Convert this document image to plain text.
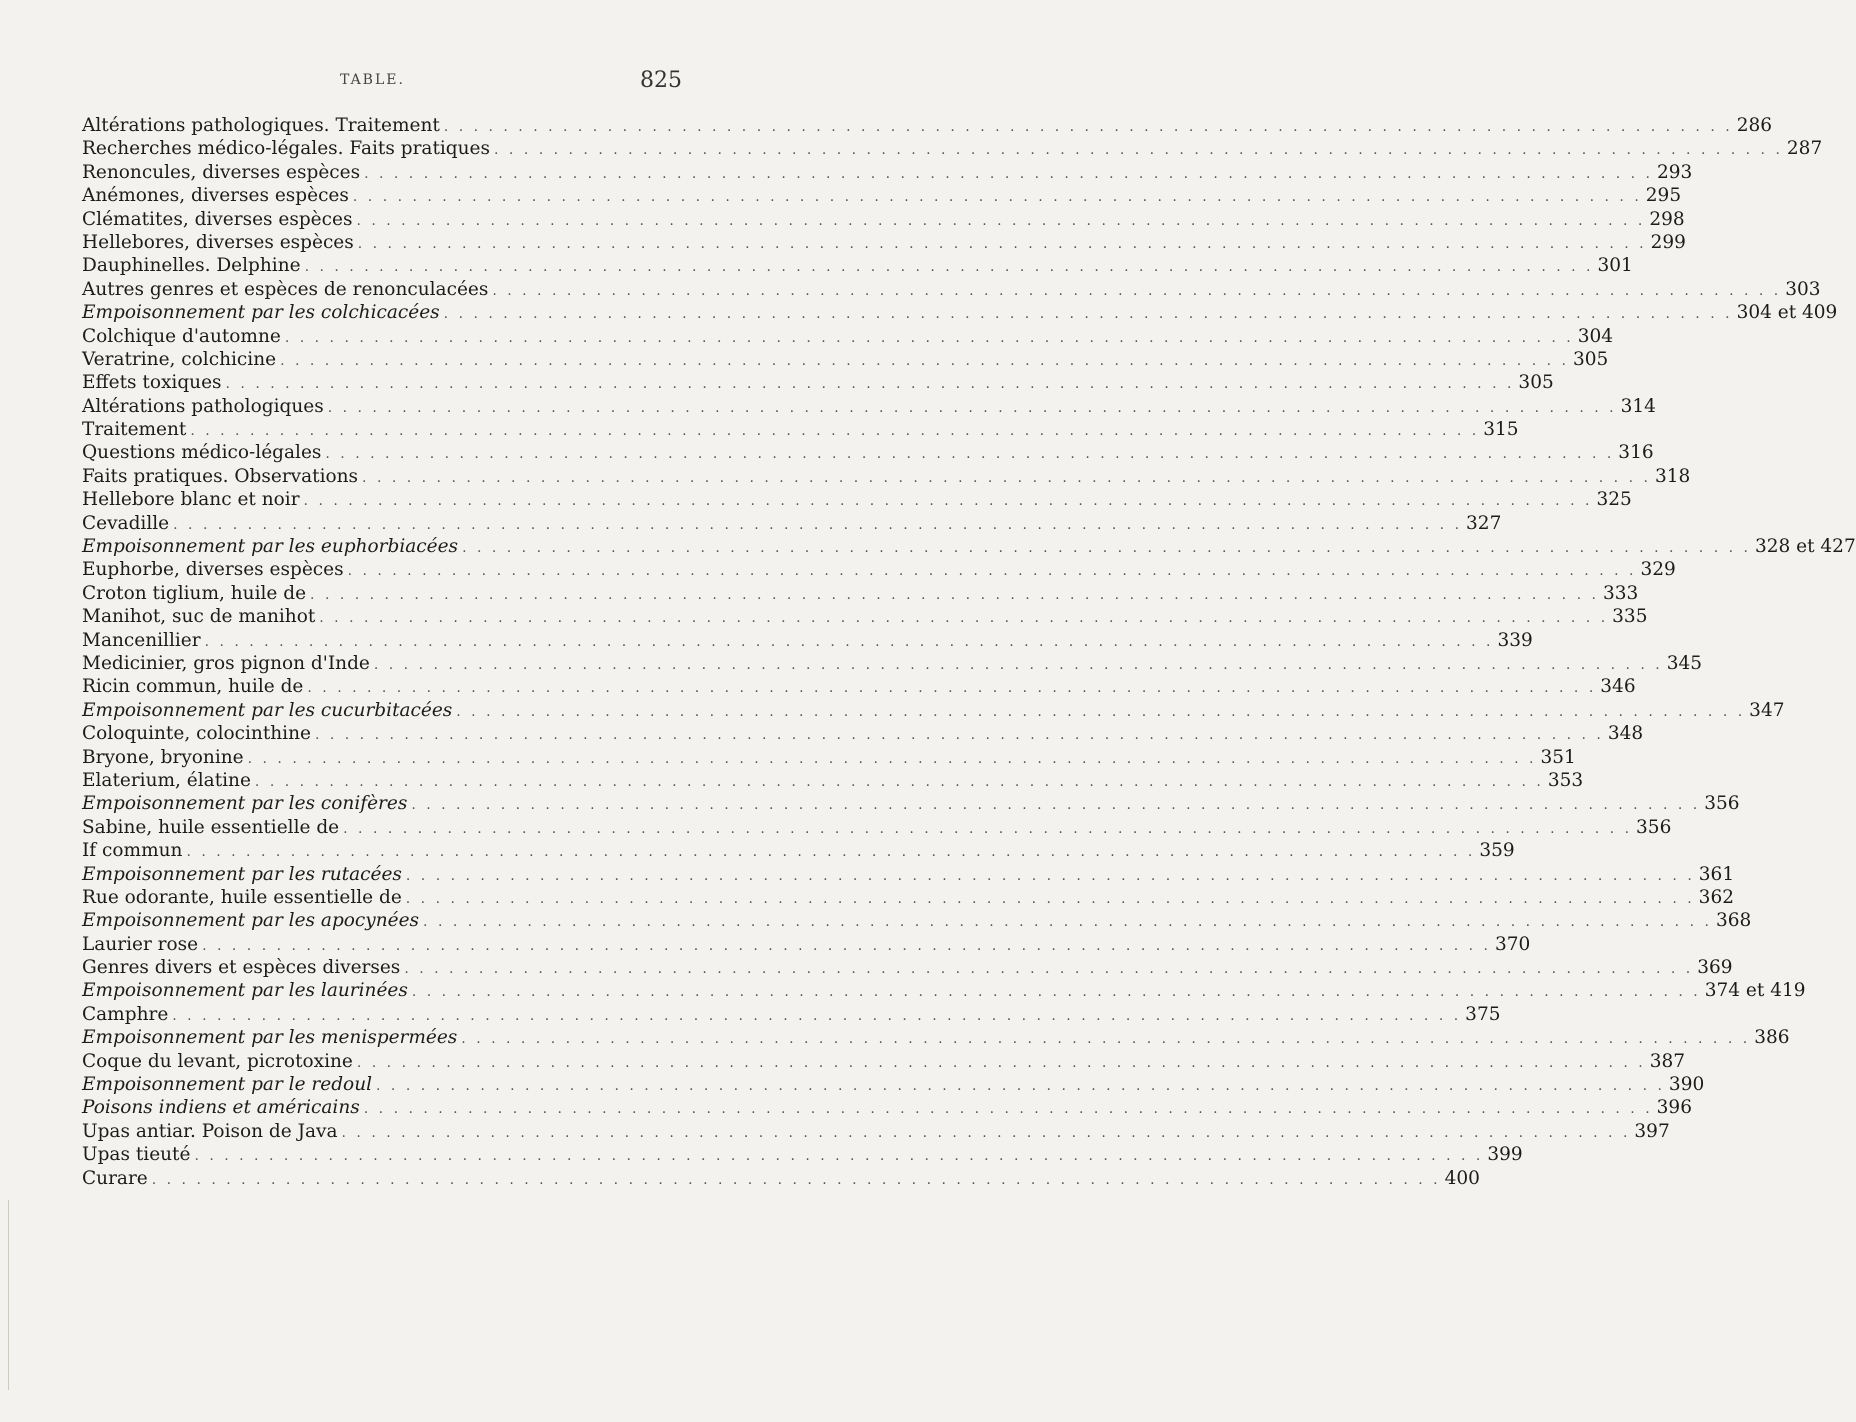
TABLE.	825
Altérations pathologiques. Traitement . . .	286
Recherches médico-légales. Faits pratiques . . .	287
Renoncules, diverses espèces . . .	293
Anémones, diverses espèces . . .	295
Clématites, diverses espèces . . .	298
Hellebores, diverses espèces . . .	299
Dauphinelles. Delphine . . .	301
Autres genres et espèces de renonculacées . . .	303
Empoisonnement par les colchicacées . . .	304 et 409
Colchique d'automne . . .	304
Veratrine, colchicine . . .	305
Effets toxiques . . .	305
Altérations pathologiques . . .	314
Traitement . . .	315
Questions médico-légales . . .	316
Faits pratiques. Observations . . .	318
Hellebore blanc et noir . . .	325
Cevadille . . .	327
Empoisonnement par les euphorbiacées . . .	328 et 427
Euphorbe, diverses espèces . . .	329
Croton tiglium, huile de . . .	333
Manihot, suc de manihot . . .	335
Mancenillier . . .	339
Medicinier, gros pignon d'Inde . . .	345
Ricin commun, huile de . . .	346
Empoisonnement par les cucurbitacées . . .	347
Coloquinte, colocinthine . . .	348
Bryone, bryonine . . .	351
Elaterium, élatine . . .	353
Empoisonnement par les conifères . . .	356
Sabine, huile essentielle de . . .	356
If commun . . .	359
Empoisonnement par les rutacées . . .	361
Rue odorante, huile essentielle de . . .	362
Empoisonnement par les apocynées . . .	368
Laurier rose . . .	370
Genres divers et espèces diverses . . .	369
Empoisonnement par les laurinées . . .	374 et 419
Camphre . . .	375
Empoisonnement par les menispermées . . .	386
Coque du levant, picrotoxine . . .	387
Empoisonnement par le redoul . . .	390
Poisons indiens et américains . . .	396
Upas antiar. Poison de Java . . .	397
Upas tieuté . . .	399
Curare . . .	400
